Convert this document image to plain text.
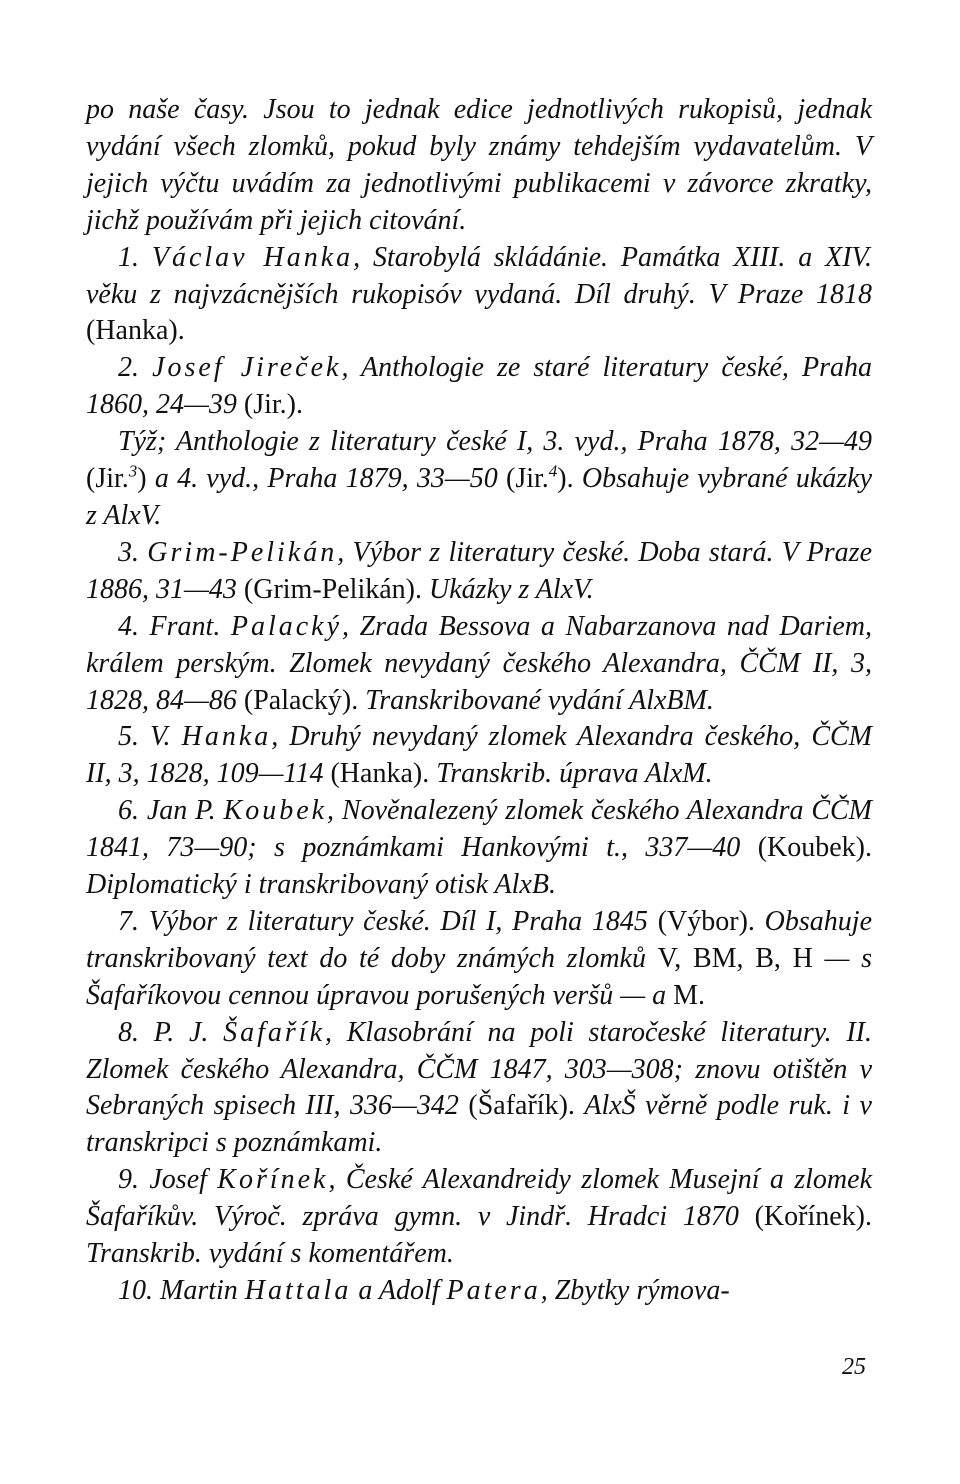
po naše časy. Jsou to jednak edice jednotlivých rukopisů, jednak vydání všech zlomků, pokud byly známy tehdejším vydavatelům. V jejich výčtu uvádím za jednotlivými publikacemi v závorce zkratky, jichž používám při jejich citování.

1. Václav Hanka, Starobylá skládánie. Památka XIII. a XIV. věku z najvzácnějších rukopisóv vydaná. Díl druhý. V Praze 1818 (Hanka).

2. Josef Jireček, Anthologie ze staré literatury české, Praha 1860, 24—39 (Jir.).

Týž; Anthologie z literatury české I, 3. vyd., Praha 1878, 32—49 (Jir.$^3$) a 4. vyd., Praha 1879, 33—50 (Jir.$^4$). Obsahuje vybrané ukázky z AlxV.

3. Grim-Pelikán, Výbor z literatury české. Doba stará. V Praze 1886, 31—43 (Grim-Pelikán). Ukázky z AlxV.

4. Frant. Palacký, Zrada Bessova a Nabarzanova nad Dariem, králem perským. Zlomek nevydaný českého Alexandra, ČČM II, 3, 1828, 84—86 (Palacký). Transkribované vydání AlxBM.

5. V. Hanka, Druhý nevydaný zlomek Alexandra českého, ČČM II, 3, 1828, 109—114 (Hanka). Transkrib. úprava AlxM.

6. Jan P. Koubek, Nověnalezený zlomek českého Alexandra ČČM 1841, 73—90; s poznámkami Hankovými t., 337—40 (Koubek). Diplomatický i transkribovaný otisk AlxB.

7. Výbor z literatury české. Díl I, Praha 1845 (Výbor). Obsahuje transkribovaný text do té doby známých zlomků V, BM, B, H — s Šafaříkovou cennou úpravou porušených veršů — a M.

8. P. J. Šafařík, Klasobrání na poli staročeské literatury. II. Zlomek českého Alexandra, ČČM 1847, 303—308; znovu otištěn v Sebraných spisech III, 336—342 (Šafařík). AlxŠ věrně podle ruk. i v transkripci s poznámkami.

9. Josef Kořínek, České Alexandreidy zlomek Musejní a zlomek Šafaříkův. Výroč. zpráva gymn. v Jindř. Hradci 1870 (Kořínek). Transkrib. vydání s komentářem.

10. Martin Hattala a Adolf Patera, Zbytky rýmova-

25
